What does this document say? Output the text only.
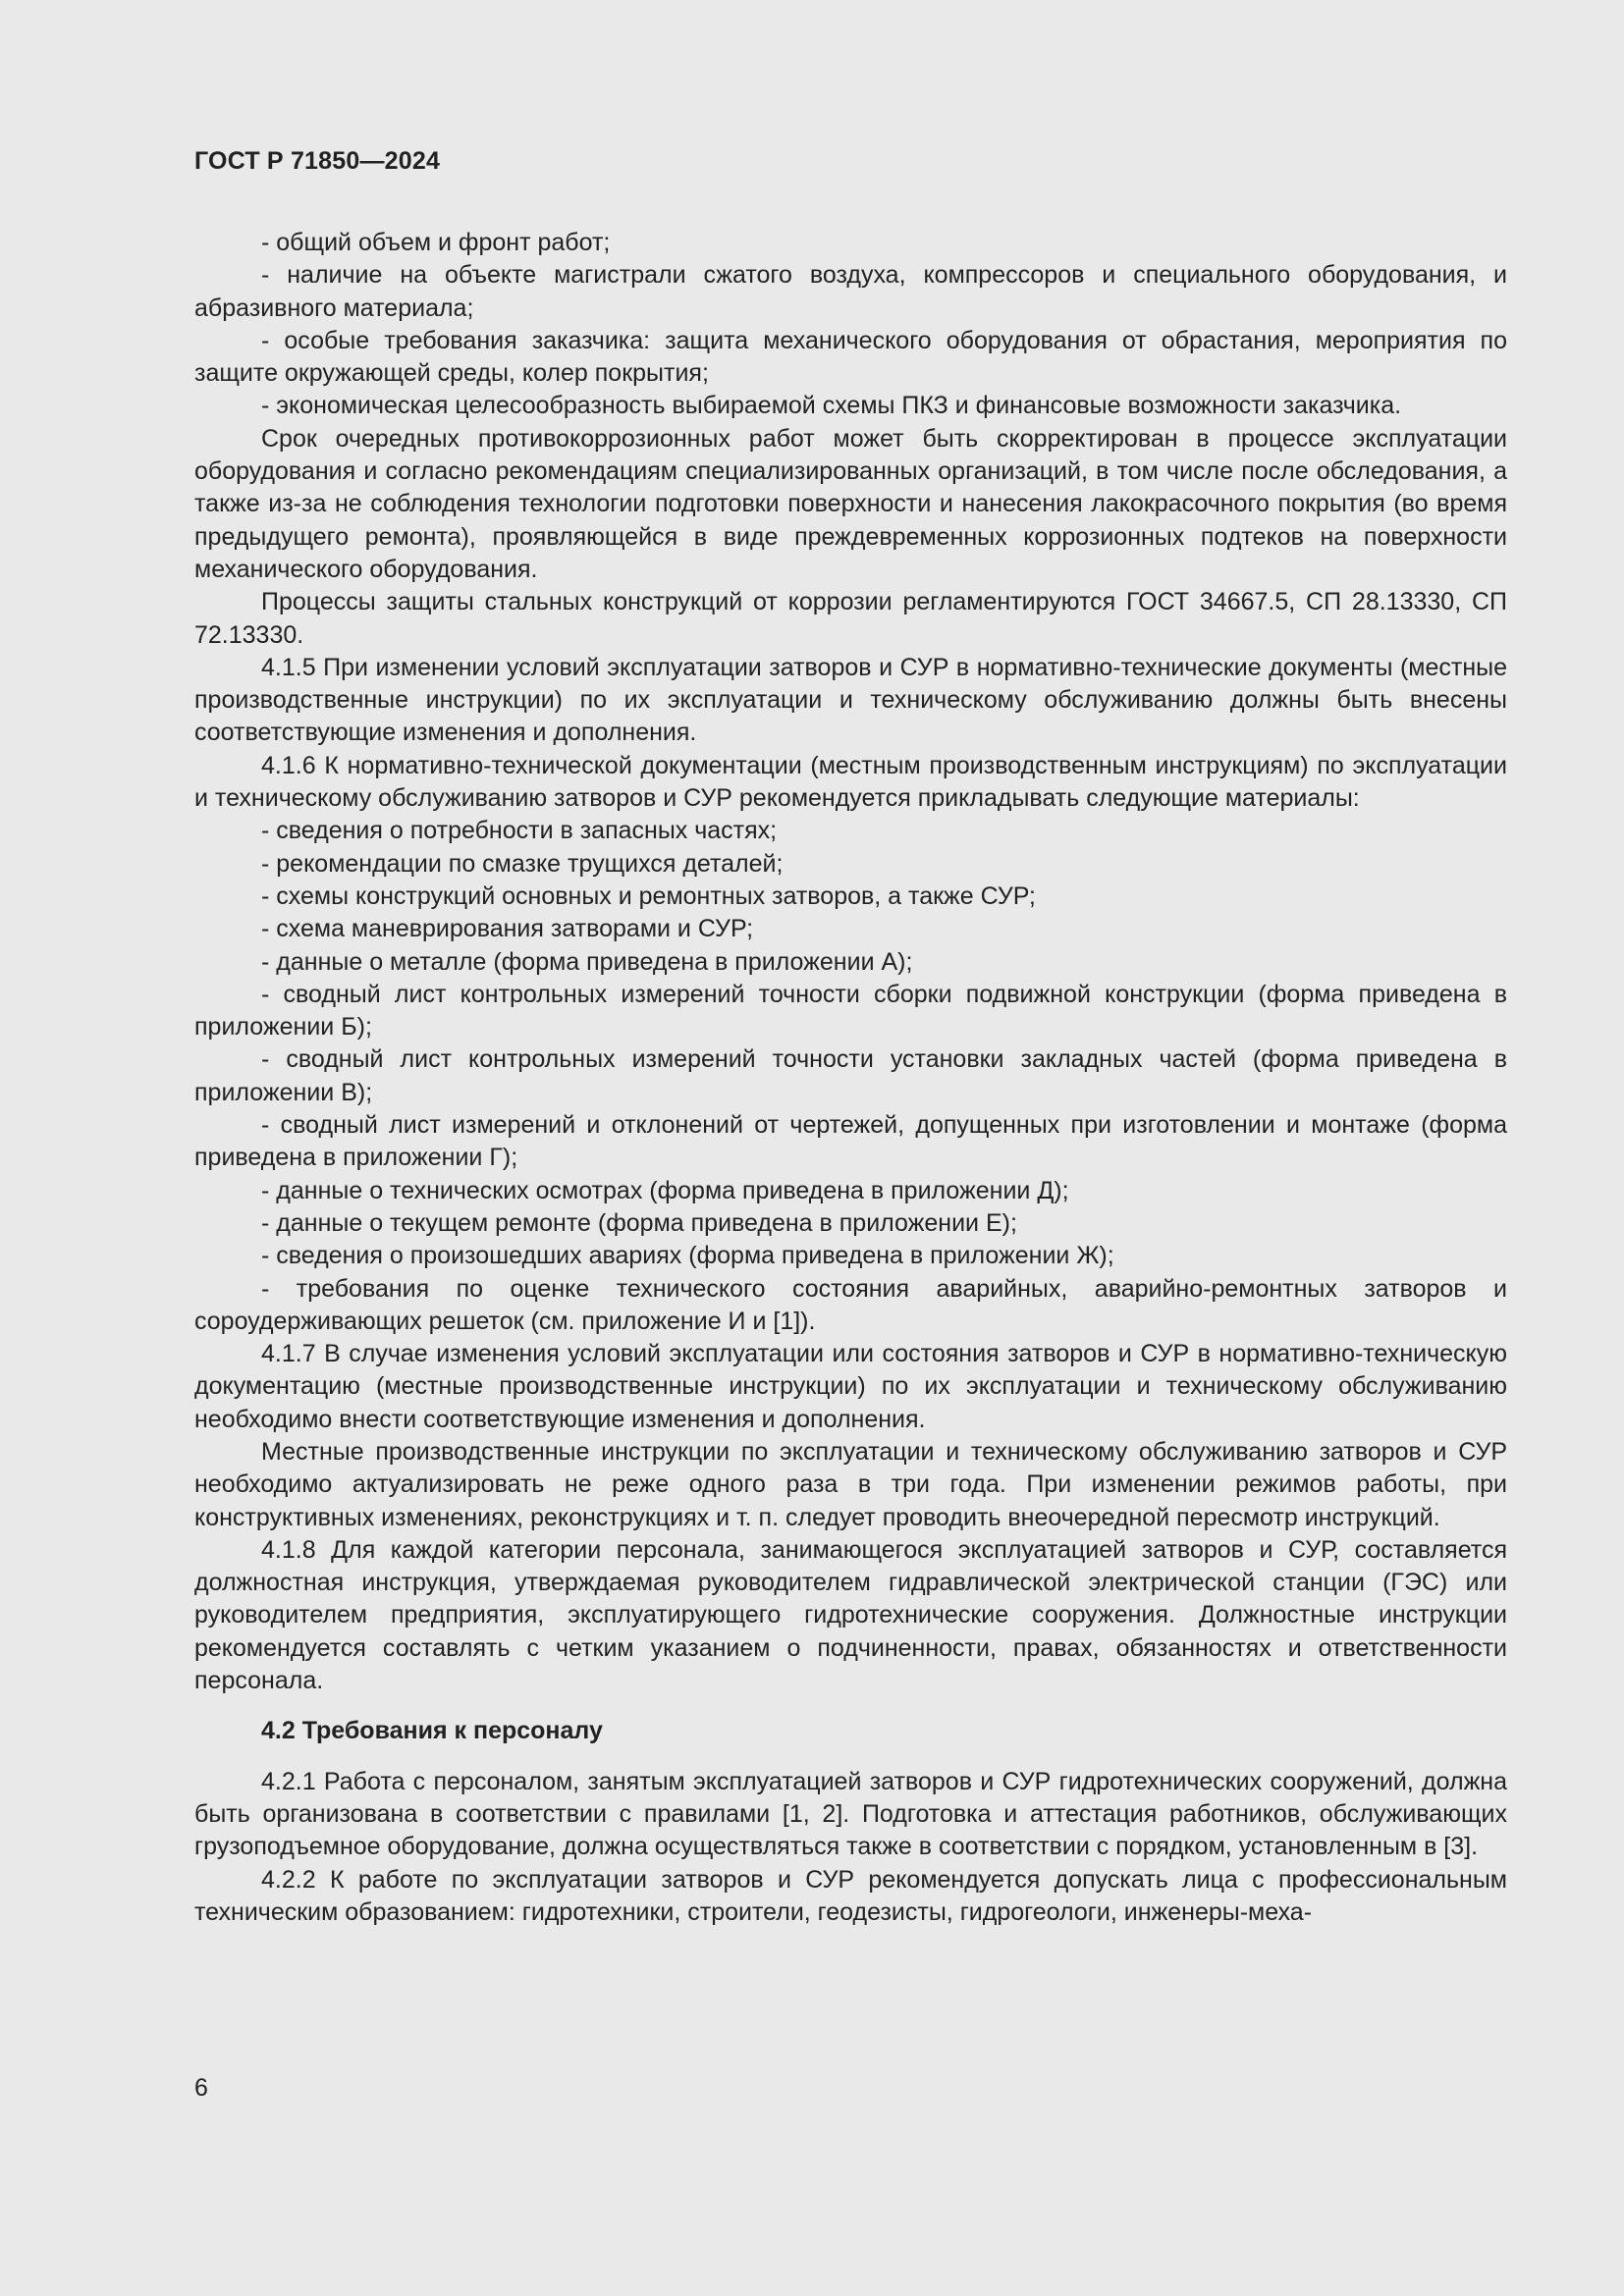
ГОСТ Р 71850—2024

- общий объем и фронт работ;

- наличие на объекте магистрали сжатого воздуха, компрессоров и специального оборудования, и абразивного материала;

- особые требования заказчика: защита механического оборудования от обрастания, мероприятия по защите окружающей среды, колер покрытия;

- экономическая целесообразность выбираемой схемы ПКЗ и финансовые возможности заказчика.

Срок очередных противокоррозионных работ может быть скорректирован в процессе эксплуатации оборудования и согласно рекомендациям специализированных организаций, в том числе после обследования, а также из-за не соблюдения технологии подготовки поверхности и нанесения лакокрасочного покрытия (во время предыдущего ремонта), проявляющейся в виде преждевременных коррозионных подтеков на поверхности механического оборудования.

Процессы защиты стальных конструкций от коррозии регламентируются ГОСТ 34667.5, СП 28.13330, СП 72.13330.

4.1.5 При изменении условий эксплуатации затворов и СУР в нормативно-технические документы (местные производственные инструкции) по их эксплуатации и техническому обслуживанию должны быть внесены соответствующие изменения и дополнения.

4.1.6 К нормативно-технической документации (местным производственным инструкциям) по эксплуатации и техническому обслуживанию затворов и СУР рекомендуется прикладывать следующие материалы:

- сведения о потребности в запасных частях;

- рекомендации по смазке трущихся деталей;

- схемы конструкций основных и ремонтных затворов, а также СУР;

- схема маневрирования затворами и СУР;

- данные о металле (форма приведена в приложении А);

- сводный лист контрольных измерений точности сборки подвижной конструкции (форма приведена в приложении Б);

- сводный лист контрольных измерений точности установки закладных частей (форма приведена в приложении В);

- сводный лист измерений и отклонений от чертежей, допущенных при изготовлении и монтаже (форма приведена в приложении Г);

- данные о технических осмотрах (форма приведена в приложении Д);

- данные о текущем ремонте (форма приведена в приложении Е);

- сведения о произошедших авариях (форма приведена в приложении Ж);

- требования по оценке технического состояния аварийных, аварийно-ремонтных затворов и сороудерживающих решеток (см. приложение И и [1]).

4.1.7 В случае изменения условий эксплуатации или состояния затворов и СУР в нормативно-техническую документацию (местные производственные инструкции) по их эксплуатации и техническому обслуживанию необходимо внести соответствующие изменения и дополнения.

Местные производственные инструкции по эксплуатации и техническому обслуживанию затворов и СУР необходимо актуализировать не реже одного раза в три года. При изменении режимов работы, при конструктивных изменениях, реконструкциях и т. п. следует проводить внеочередной пересмотр инструкций.

4.1.8 Для каждой категории персонала, занимающегося эксплуатацией затворов и СУР, составляется должностная инструкция, утверждаемая руководителем гидравлической электрической станции (ГЭС) или руководителем предприятия, эксплуатирующего гидротехнические сооружения. Должностные инструкции рекомендуется составлять с четким указанием о подчиненности, правах, обязанностях и ответственности персонала.

4.2 Требования к персоналу

4.2.1 Работа с персоналом, занятым эксплуатацией затворов и СУР гидротехнических сооружений, должна быть организована в соответствии с правилами [1, 2]. Подготовка и аттестация работников, обслуживающих грузоподъемное оборудование, должна осуществляться также в соответствии с порядком, установленным в [3].

4.2.2 К работе по эксплуатации затворов и СУР рекомендуется допускать лица с профессиональным техническим образованием: гидротехники, строители, геодезисты, гидрогеологи, инженеры-меха-

6
